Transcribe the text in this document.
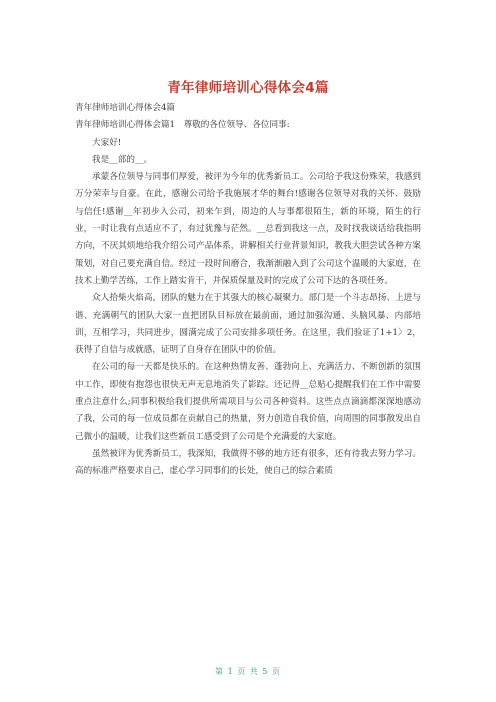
青年律师培训心得体会4篇

青年律师培训心得体会4篇

青年律师培训心得体会篇1　尊敬的各位领导、各位同事:

大家好!

我是__部的__。

承蒙各位领导与同事们厚爱，被评为今年的优秀新员工。公司给予我这份殊荣，我感到万分荣幸与自豪。在此，感谢公司给予我施展才华的舞台!感谢各位领导对我的关怀、鼓励与信任!感谢__年初步入公司，初来乍到，周边的人与事都很陌生，新的环境，陌生的行业，一时让我有点适应不了，有过犹豫与茫然。__总看到我这一点，及时找我谈话给我指明方向，不厌其烦地给我介绍公司产品体系，讲解相关行业背景知识，教我大胆尝试各种方案策划，对自己要充满自信。经过一段时间磨合，我渐渐融入到了公司这个温暖的大家庭，在技术上勤学苦练，工作上踏实肯干，并保质保量及时的完成了公司下达的各项任务。

众人拾柴火焰高，团队的魅力在于其强大的核心凝聚力。部门是一个斗志昂扬、上进与谐、充满朝气的团队大家一直把团队目标放在最前面，通过加强沟通、头脑风暴、内部培训，互相学习，共同进步，圆满完成了公司安排多项任务。在这里，我们验证了1+1〉2，获得了自信与成就感，证明了自身存在团队中的价值。

在公司的每一天都是快乐的。在这种热情友善、蓬勃向上、充满活力、不断创新的氛围中工作，即使有抱怨也很快无声无息地消失了影踪。还记得__总贴心提醒我们在工作中需要重点注意什么;同事积极给我们提供所需项目与公司各种资料。这些点点滴滴都深深地感动了我，公司的每一位成员都在贡献自己的热量，努力创造自我价值，向周围的同事散发出自己微小的温暖，让我们这些新员工感受到了公司是个充满爱的大家庭。

虽然被评为优秀新员工，我深知，我做得不够的地方还有很多，还有待我去努力学习。高的标准严格要求自己，虚心学习同事们的长处，使自己的综合素质

第 1 页 共 5 页
